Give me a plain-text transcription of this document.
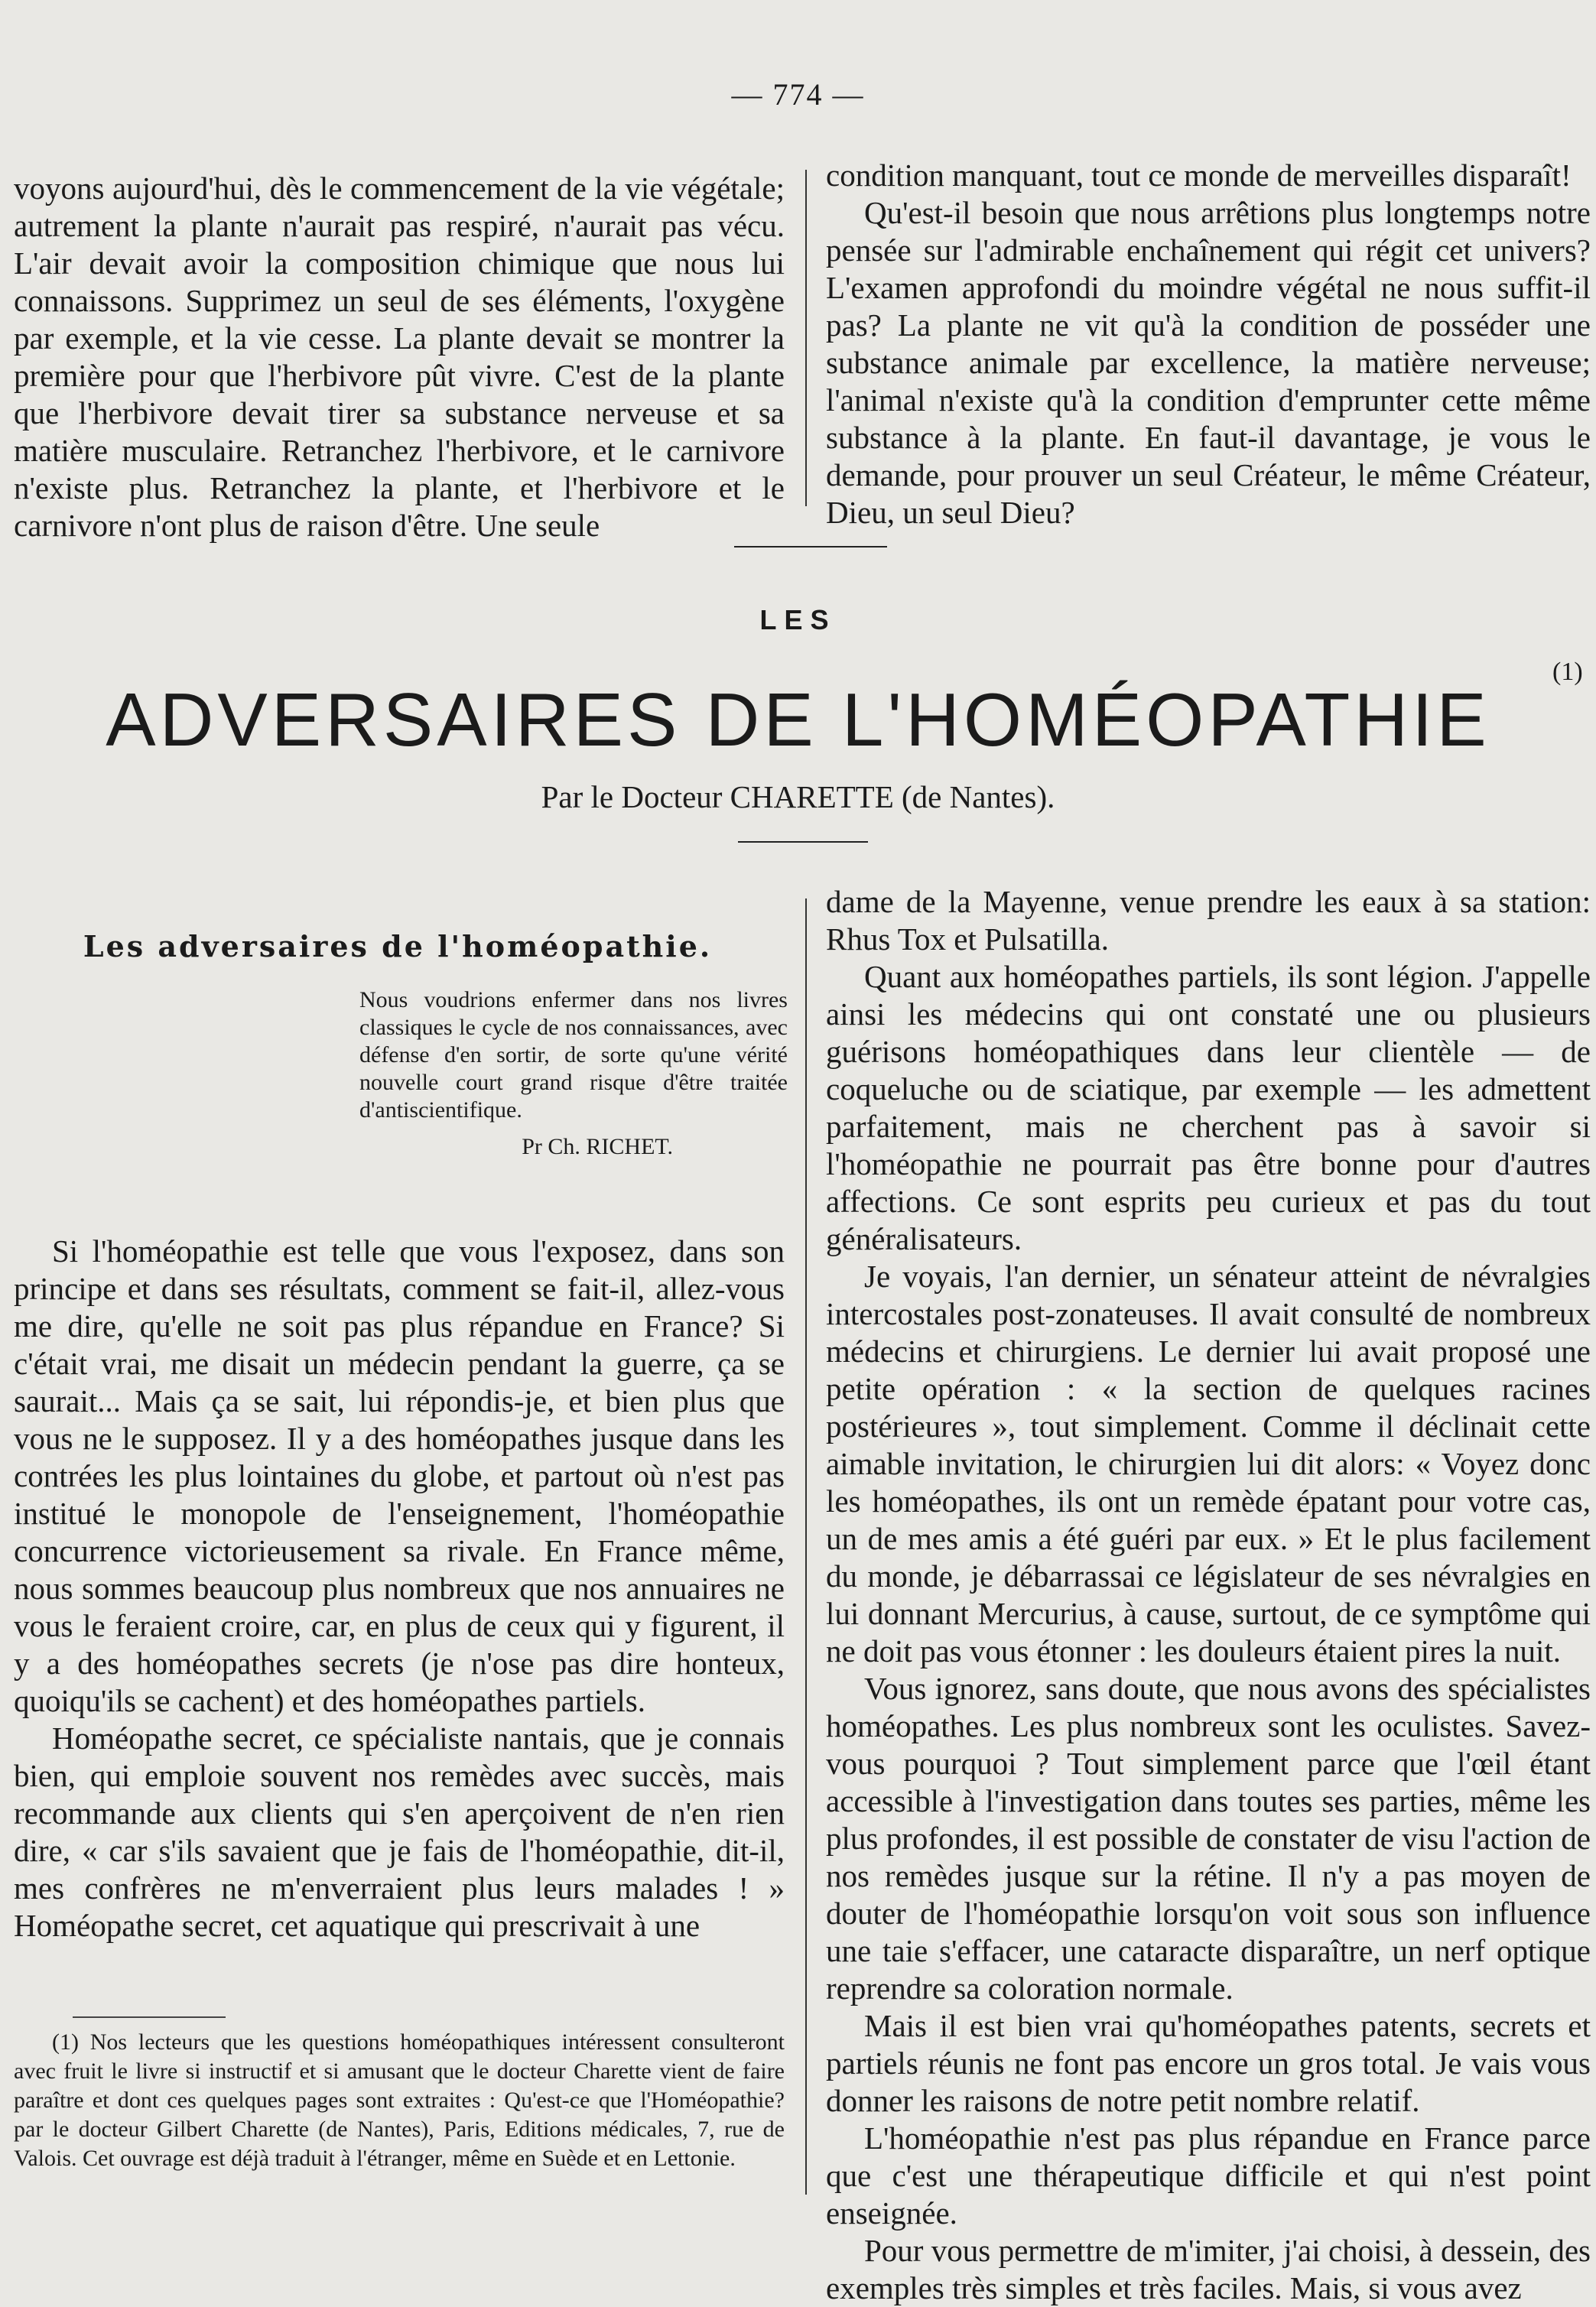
— 774 —

voyons aujourd'hui, dès le commencement de la vie végétale; autrement la plante n'aurait pas respiré, n'aurait pas vécu. L'air devait avoir la composition chimique que nous lui connaissons. Supprimez un seul de ses éléments, l'oxygène par exemple, et la vie cesse. La plante devait se montrer la première pour que l'herbivore pût vivre. C'est de la plante que l'herbivore devait tirer sa substance nerveuse et sa matière musculaire. Retranchez l'herbivore, et le carnivore n'existe plus. Retranchez la plante, et l'herbivore et le carnivore n'ont plus de raison d'être. Une seule

condition manquant, tout ce monde de merveilles disparaît!

Qu'est-il besoin que nous arrêtions plus longtemps notre pensée sur l'admirable enchaînement qui régit cet univers? L'examen approfondi du moindre végétal ne nous suffit-il pas? La plante ne vit qu'à la condition de posséder une substance animale par excellence, la matière nerveuse; l'animal n'existe qu'à la condition d'emprunter cette même substance à la plante. En faut-il davantage, je vous le demande, pour prouver un seul Créateur, le même Créateur, Dieu, un seul Dieu?

LES
ADVERSAIRES DE L'HOMÉOPATHIE
(1)
Par le Docteur CHARETTE (de Nantes).
Les adversaires de l'homéopathie.
Nous voudrions enfermer dans nos livres classiques le cycle de nos connaissances, avec défense d'en sortir, de sorte qu'une vérité nouvelle court grand risque d'être traitée d'antiscientifique.
Pr Ch. RICHET.

Si l'homéopathie est telle que vous l'exposez, dans son principe et dans ses résultats, comment se fait-il, allez-vous me dire, qu'elle ne soit pas plus répandue en France? Si c'était vrai, me disait un médecin pendant la guerre, ça se saurait... Mais ça se sait, lui répondis-je, et bien plus que vous ne le supposez. Il y a des homéopathes jusque dans les contrées les plus lointaines du globe, et partout où n'est pas institué le monopole de l'enseignement, l'homéopathie concurrence victorieusement sa rivale. En France même, nous sommes beaucoup plus nombreux que nos annuaires ne vous le feraient croire, car, en plus de ceux qui y figurent, il y a des homéopathes secrets (je n'ose pas dire honteux, quoiqu'ils se cachent) et des homéopathes partiels.

Homéopathe secret, ce spécialiste nantais, que je connais bien, qui emploie souvent nos remèdes avec succès, mais recommande aux clients qui s'en aperçoivent de n'en rien dire, « car s'ils savaient que je fais de l'homéopathie, dit-il, mes confrères ne m'enverraient plus leurs malades ! » Homéopathe secret, cet aquatique qui prescrivait à une

(1) Nos lecteurs que les questions homéopathiques intéressent consulteront avec fruit le livre si instructif et si amusant que le docteur Charette vient de faire paraître et dont ces quelques pages sont extraites : Qu'est-ce que l'Homéopathie? par le docteur Gilbert Charette (de Nantes), Paris, Editions médicales, 7, rue de Valois. Cet ouvrage est déjà traduit à l'étranger, même en Suède et en Lettonie.

dame de la Mayenne, venue prendre les eaux à sa station: Rhus Tox et Pulsatilla.

Quant aux homéopathes partiels, ils sont légion. J'appelle ainsi les médecins qui ont constaté une ou plusieurs guérisons homéopathiques dans leur clientèle — de coqueluche ou de sciatique, par exemple — les admettent parfaitement, mais ne cherchent pas à savoir si l'homéopathie ne pourrait pas être bonne pour d'autres affections. Ce sont esprits peu curieux et pas du tout généralisateurs.

Je voyais, l'an dernier, un sénateur atteint de névralgies intercostales post-zonateuses. Il avait consulté de nombreux médecins et chirurgiens. Le dernier lui avait proposé une petite opération : « la section de quelques racines postérieures », tout simplement. Comme il déclinait cette aimable invitation, le chirurgien lui dit alors: « Voyez donc les homéopathes, ils ont un remède épatant pour votre cas, un de mes amis a été guéri par eux. » Et le plus facilement du monde, je débarrassai ce législateur de ses névralgies en lui donnant Mercurius, à cause, surtout, de ce symptôme qui ne doit pas vous étonner : les douleurs étaient pires la nuit.

Vous ignorez, sans doute, que nous avons des spécialistes homéopathes. Les plus nombreux sont les oculistes. Savez-vous pourquoi ? Tout simplement parce que l'œil étant accessible à l'investigation dans toutes ses parties, même les plus profondes, il est possible de constater de visu l'action de nos remèdes jusque sur la rétine. Il n'y a pas moyen de douter de l'homéopathie lorsqu'on voit sous son influence une taie s'effacer, une cataracte disparaître, un nerf optique reprendre sa coloration normale.

Mais il est bien vrai qu'homéopathes patents, secrets et partiels réunis ne font pas encore un gros total. Je vais vous donner les raisons de notre petit nombre relatif.

L'homéopathie n'est pas plus répandue en France parce que c'est une thérapeutique difficile et qui n'est point enseignée.

Pour vous permettre de m'imiter, j'ai choisi, à dessein, des exemples très simples et très faciles. Mais, si vous avez
